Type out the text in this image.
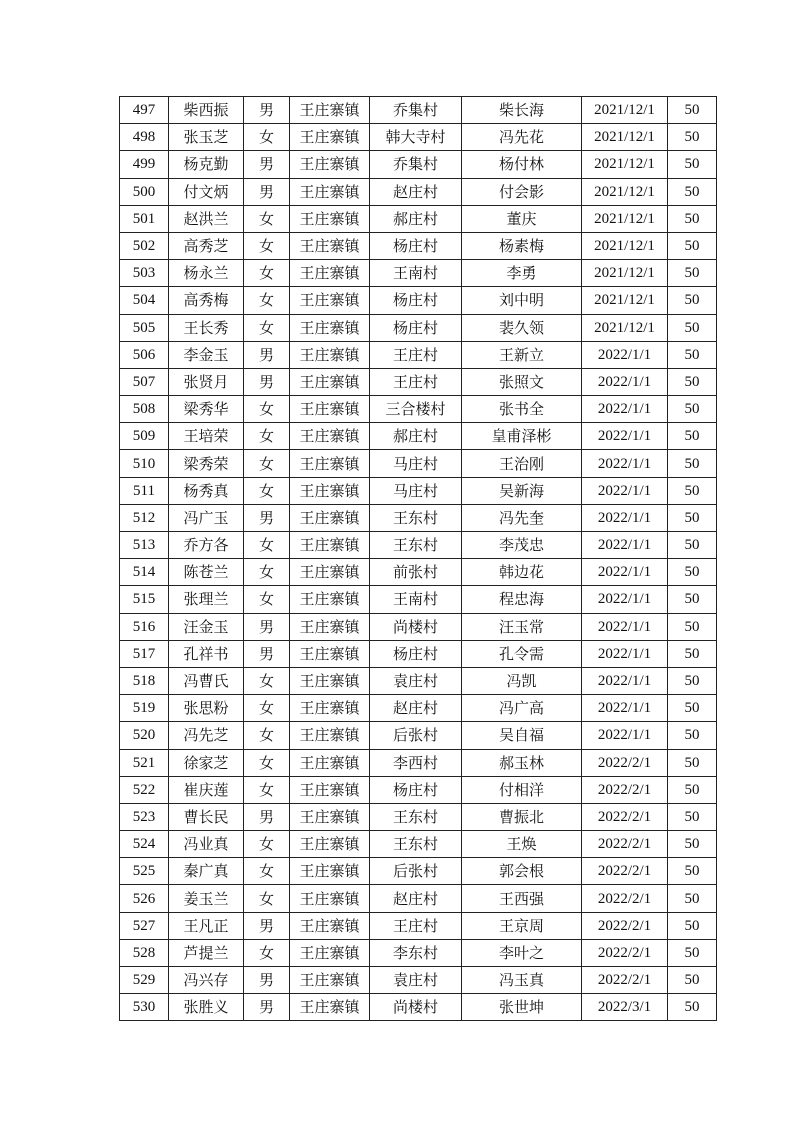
497	柴西振	男	王庄寨镇	乔集村	柴长海	2021/12/1	50
498	张玉芝	女	王庄寨镇	韩大寺村	冯先花	2021/12/1	50
499	杨克勤	男	王庄寨镇	乔集村	杨付林	2021/12/1	50
500	付文炳	男	王庄寨镇	赵庄村	付会影	2021/12/1	50
501	赵洪兰	女	王庄寨镇	郝庄村	董庆	2021/12/1	50
502	高秀芝	女	王庄寨镇	杨庄村	杨素梅	2021/12/1	50
503	杨永兰	女	王庄寨镇	王南村	李勇	2021/12/1	50
504	高秀梅	女	王庄寨镇	杨庄村	刘中明	2021/12/1	50
505	王长秀	女	王庄寨镇	杨庄村	裴久领	2021/12/1	50
506	李金玉	男	王庄寨镇	王庄村	王新立	2022/1/1	50
507	张贤月	男	王庄寨镇	王庄村	张照文	2022/1/1	50
508	梁秀华	女	王庄寨镇	三合楼村	张书全	2022/1/1	50
509	王培荣	女	王庄寨镇	郝庄村	皇甫泽彬	2022/1/1	50
510	梁秀荣	女	王庄寨镇	马庄村	王治刚	2022/1/1	50
511	杨秀真	女	王庄寨镇	马庄村	吴新海	2022/1/1	50
512	冯广玉	男	王庄寨镇	王东村	冯先奎	2022/1/1	50
513	乔方各	女	王庄寨镇	王东村	李茂忠	2022/1/1	50
514	陈苍兰	女	王庄寨镇	前张村	韩边花	2022/1/1	50
515	张理兰	女	王庄寨镇	王南村	程忠海	2022/1/1	50
516	汪金玉	男	王庄寨镇	尚楼村	汪玉常	2022/1/1	50
517	孔祥书	男	王庄寨镇	杨庄村	孔令需	2022/1/1	50
518	冯曹氏	女	王庄寨镇	袁庄村	冯凯	2022/1/1	50
519	张思粉	女	王庄寨镇	赵庄村	冯广高	2022/1/1	50
520	冯先芝	女	王庄寨镇	后张村	吴自福	2022/1/1	50
521	徐家芝	女	王庄寨镇	李西村	郝玉林	2022/2/1	50
522	崔庆莲	女	王庄寨镇	杨庄村	付相洋	2022/2/1	50
523	曹长民	男	王庄寨镇	王东村	曹振北	2022/2/1	50
524	冯业真	女	王庄寨镇	王东村	王焕	2022/2/1	50
525	秦广真	女	王庄寨镇	后张村	郭会根	2022/2/1	50
526	姜玉兰	女	王庄寨镇	赵庄村	王西强	2022/2/1	50
527	王凡正	男	王庄寨镇	王庄村	王京周	2022/2/1	50
528	芦提兰	女	王庄寨镇	李东村	李叶之	2022/2/1	50
529	冯兴存	男	王庄寨镇	袁庄村	冯玉真	2022/2/1	50
530	张胜义	男	王庄寨镇	尚楼村	张世坤	2022/3/1	50
